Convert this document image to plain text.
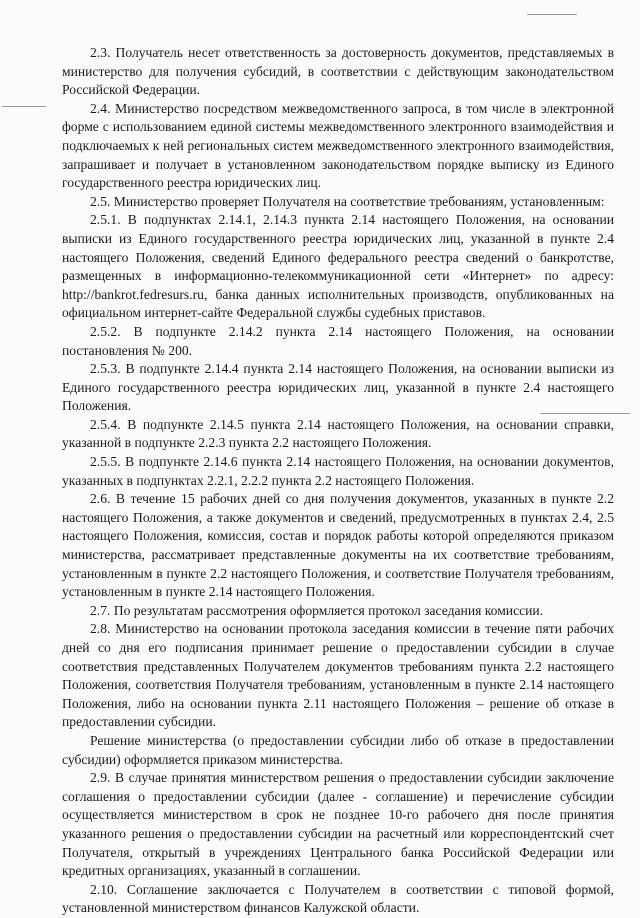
2.3. Получатель несет ответственность за достоверность документов, представляемых в министерство для получения субсидий, в соответствии с действующим законодательством Российской Федерации.

2.4. Министерство посредством межведомственного запроса, в том числе в электронной форме с использованием единой системы межведомственного электронного взаимодействия и подключаемых к ней региональных систем межведомственного электронного взаимодействия, запрашивает и получает в установленном законодательством порядке выписку из Единого государственного реестра юридических лиц.

2.5. Министерство проверяет Получателя на соответствие требованиям, установленным:

2.5.1. В подпунктах 2.14.1, 2.14.3 пункта 2.14 настоящего Положения, на основании выписки из Единого государственного реестра юридических лиц, указанной в пункте 2.4 настоящего Положения, сведений Единого федерального реестра сведений о банкротстве, размещенных в информационно-телекоммуникационной сети «Интернет» по адресу: http://bankrot.fedresurs.ru, банка данных исполнительных производств, опубликованных на официальном интернет-сайте Федеральной службы судебных приставов.

2.5.2. В подпункте 2.14.2 пункта 2.14 настоящего Положения, на основании постановления № 200.

2.5.3. В подпункте 2.14.4 пункта 2.14 настоящего Положения, на основании выписки из Единого государственного реестра юридических лиц, указанной в пункте 2.4 настоящего Положения.

2.5.4. В подпункте 2.14.5 пункта 2.14 настоящего Положения, на основании справки, указанной в подпункте 2.2.3 пункта 2.2 настоящего Положения.

2.5.5. В подпункте 2.14.6 пункта 2.14 настоящего Положения, на основании документов, указанных в подпунктах 2.2.1, 2.2.2 пункта 2.2 настоящего Положения.

2.6. В течение 15 рабочих дней со дня получения документов, указанных в пункте 2.2 настоящего Положения, а также документов и сведений, предусмотренных в пунктах 2.4, 2.5 настоящего Положения, комиссия, состав и порядок работы которой определяются приказом министерства, рассматривает представленные документы на их соответствие требованиям, установленным в пункте 2.2 настоящего Положения, и соответствие Получателя требованиям, установленным в пункте 2.14 настоящего Положения.

2.7. По результатам рассмотрения оформляется протокол заседания комиссии.

2.8. Министерство на основании протокола заседания комиссии в течение пяти рабочих дней со дня его подписания принимает решение о предоставлении субсидии в случае соответствия представленных Получателем документов требованиям пункта 2.2 настоящего Положения, соответствия Получателя требованиям, установленным в пункте 2.14 настоящего Положения, либо на основании пункта 2.11 настоящего Положения – решение об отказе в предоставлении субсидии.

Решение министерства (о предоставлении субсидии либо об отказе в предоставлении субсидии) оформляется приказом министерства.

2.9. В случае принятия министерством решения о предоставлении субсидии заключение соглашения о предоставлении субсидии (далее - соглашение) и перечисление субсидии осуществляется министерством в срок не позднее 10-го рабочего дня после принятия указанного решения о предоставлении субсидии на расчетный или корреспондентский счет Получателя, открытый в учреждениях Центрального банка Российской Федерации или кредитных организациях, указанный в соглашении.

2.10. Соглашение заключается с Получателем в соответствии с типовой формой, установленной министерством финансов Калужской области.
